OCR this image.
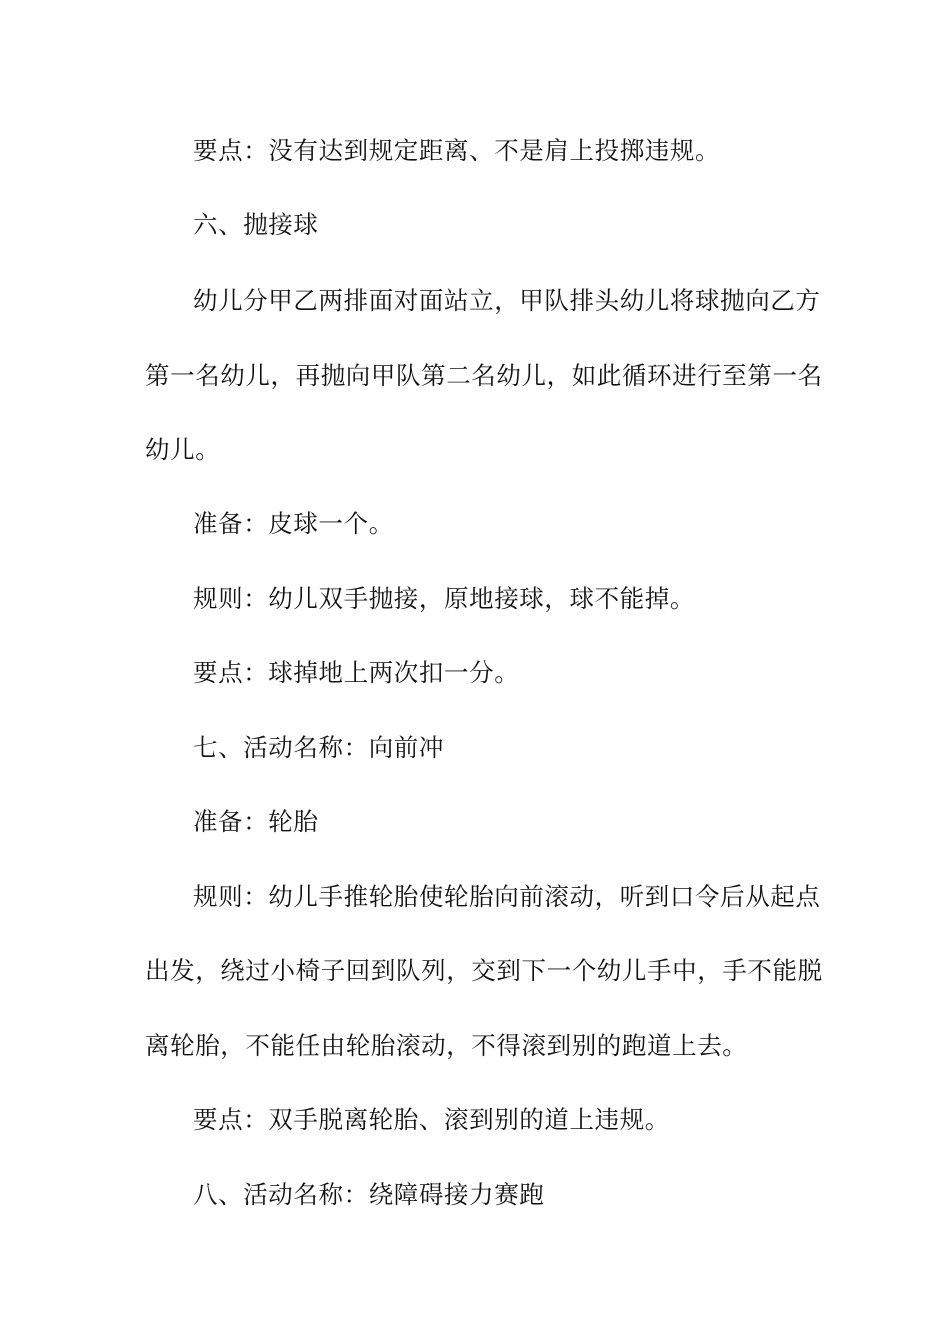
要点：没有达到规定距离、不是肩上投掷违规。
六、抛接球
幼儿分甲乙两排面对面站立，甲队排头幼儿将球抛向乙方
第一名幼儿，再抛向甲队第二名幼儿，如此循环进行至第一名
幼儿。
准备：皮球一个。
规则：幼儿双手抛接，原地接球，球不能掉。
要点：球掉地上两次扣一分。
七、活动名称：向前冲
准备：轮胎
规则：幼儿手推轮胎使轮胎向前滚动，听到口令后从起点
出发，绕过小椅子回到队列，交到下一个幼儿手中，手不能脱
离轮胎，不能任由轮胎滚动，不得滚到别的跑道上去。
要点：双手脱离轮胎、滚到别的道上违规。
八、活动名称：绕障碍接力赛跑
